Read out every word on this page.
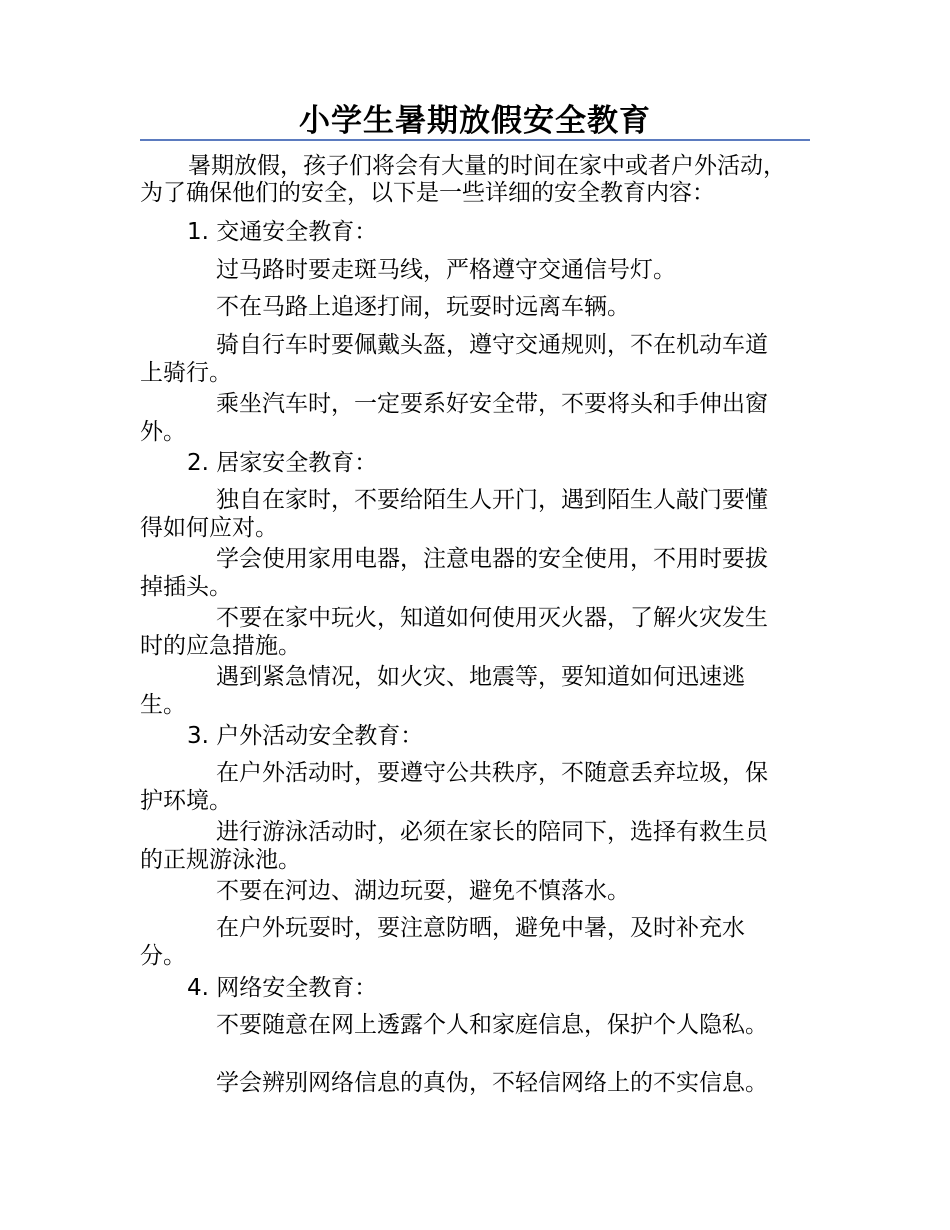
小学生暑期放假安全教育

暑期放假，孩子们将会有大量的时间在家中或者户外活动，为了确保他们的安全，以下是一些详细的安全教育内容：

1. 交通安全教育：

过马路时要走斑马线，严格遵守交通信号灯。

不在马路上追逐打闹，玩耍时远离车辆。

骑自行车时要佩戴头盔，遵守交通规则，不在机动车道上骑行。

乘坐汽车时，一定要系好安全带，不要将头和手伸出窗外。

2. 居家安全教育：

独自在家时，不要给陌生人开门，遇到陌生人敲门要懂得如何应对。

学会使用家用电器，注意电器的安全使用，不用时要拔掉插头。

不要在家中玩火，知道如何使用灭火器，了解火灾发生时的应急措施。

遇到紧急情况，如火灾、地震等，要知道如何迅速逃生。

3. 户外活动安全教育：

在户外活动时，要遵守公共秩序，不随意丢弃垃圾，保护环境。

进行游泳活动时，必须在家长的陪同下，选择有救生员的正规游泳池。

不要在河边、湖边玩耍，避免不慎落水。

在户外玩耍时，要注意防晒，避免中暑，及时补充水分。

4. 网络安全教育：

不要随意在网上透露个人和家庭信息，保护个人隐私。

学会辨别网络信息的真伪，不轻信网络上的不实信息。
